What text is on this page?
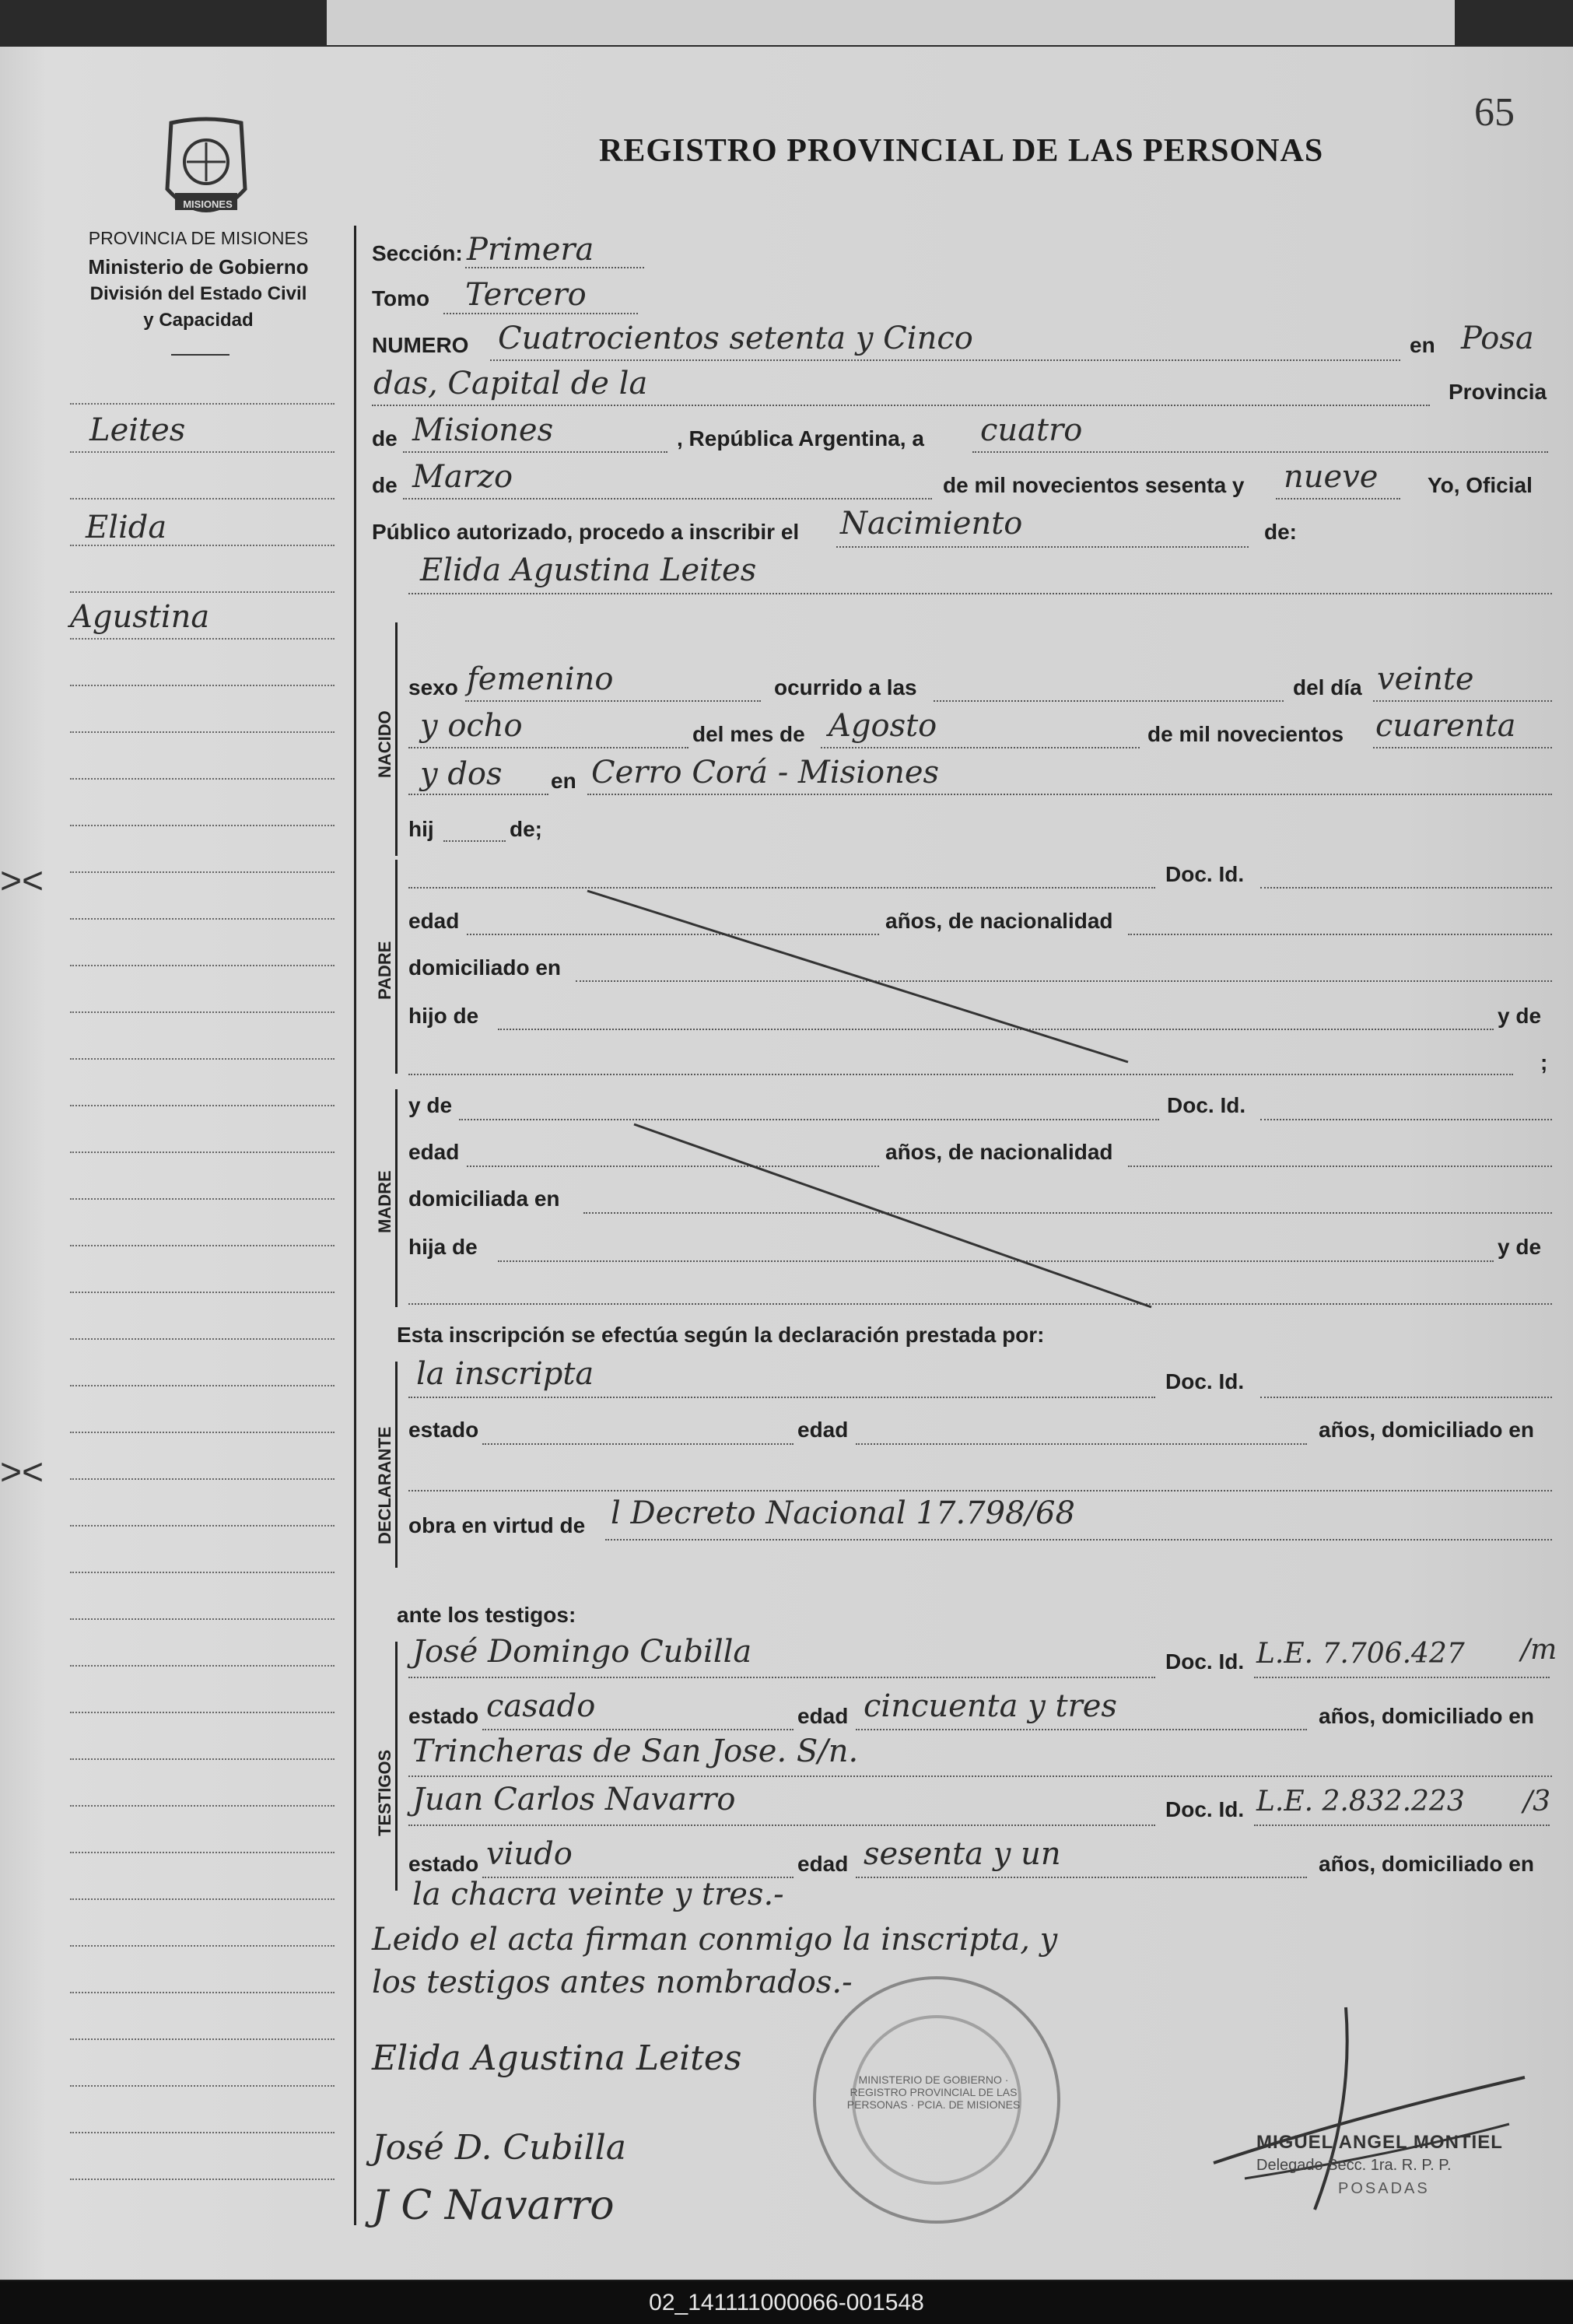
65
MISIONES
PROVINCIA DE MISIONES
Ministerio de Gobierno
División del Estado Civil
y Capacidad
REGISTRO PROVINCIAL DE LAS PERSONAS
Leites
Elida
Agustina
><
><
Sección: Primera
Tomo Tercero
NUMERO Cuatrocientos setenta y Cinco	en Posa
das, Capital de la	Provincia
de Misiones	, República Argentina, a cuatro
de Marzo	de mil novecientos sesenta y nueve Yo, Oficial
Público autorizado, procedo a inscribir el Nacimiento	de:
Elida Agustina Leites
NACIDO
sexo femenino	ocurrido a las	del día veinte
y ocho	del mes de Agosto	de mil novecientos cuarenta
y dos en Cerro Corá - Misiones
hij	de;
PADRE
Doc. Id.
edad	años, de nacionalidad
domiciliado en
hijo de	y de
;
MADRE
y de	Doc. Id.
edad	años, de nacionalidad
domiciliada en
hija de	y de
Esta inscripción se efectúa según la declaración prestada por:
DECLARANTE
la inscripta	Doc. Id.
estado	edad	años, domiciliado en
obra en virtud de l Decreto Nacional 17.798/68
ante los testigos:
TESTIGOS
José Domingo Cubilla	Doc. Id. L.E. 7.706.427 /m
estado casado	edad cincuenta y tres	años, domiciliado en
Trincheras de San Jose. S/n.
Juan Carlos Navarro	Doc. Id. L.E. 2.832.223 /3
estado viudo	edad sesenta y un	años, domiciliado en
la chacra veinte y tres.-
Leido el acta firman conmigo la inscripta, y
los testigos antes nombrados.-
MINISTERIO DE GOBIERNO · REGISTRO PROVINCIAL DE LAS PERSONAS · PCIA. DE MISIONES
Elida Agustina Leites
José D. Cubilla
J C Navarro
MIGUEL ANGEL MONTIEL
Delegado Secc. 1ra. R. P. P.
POSADAS
02_141111000066-001548
